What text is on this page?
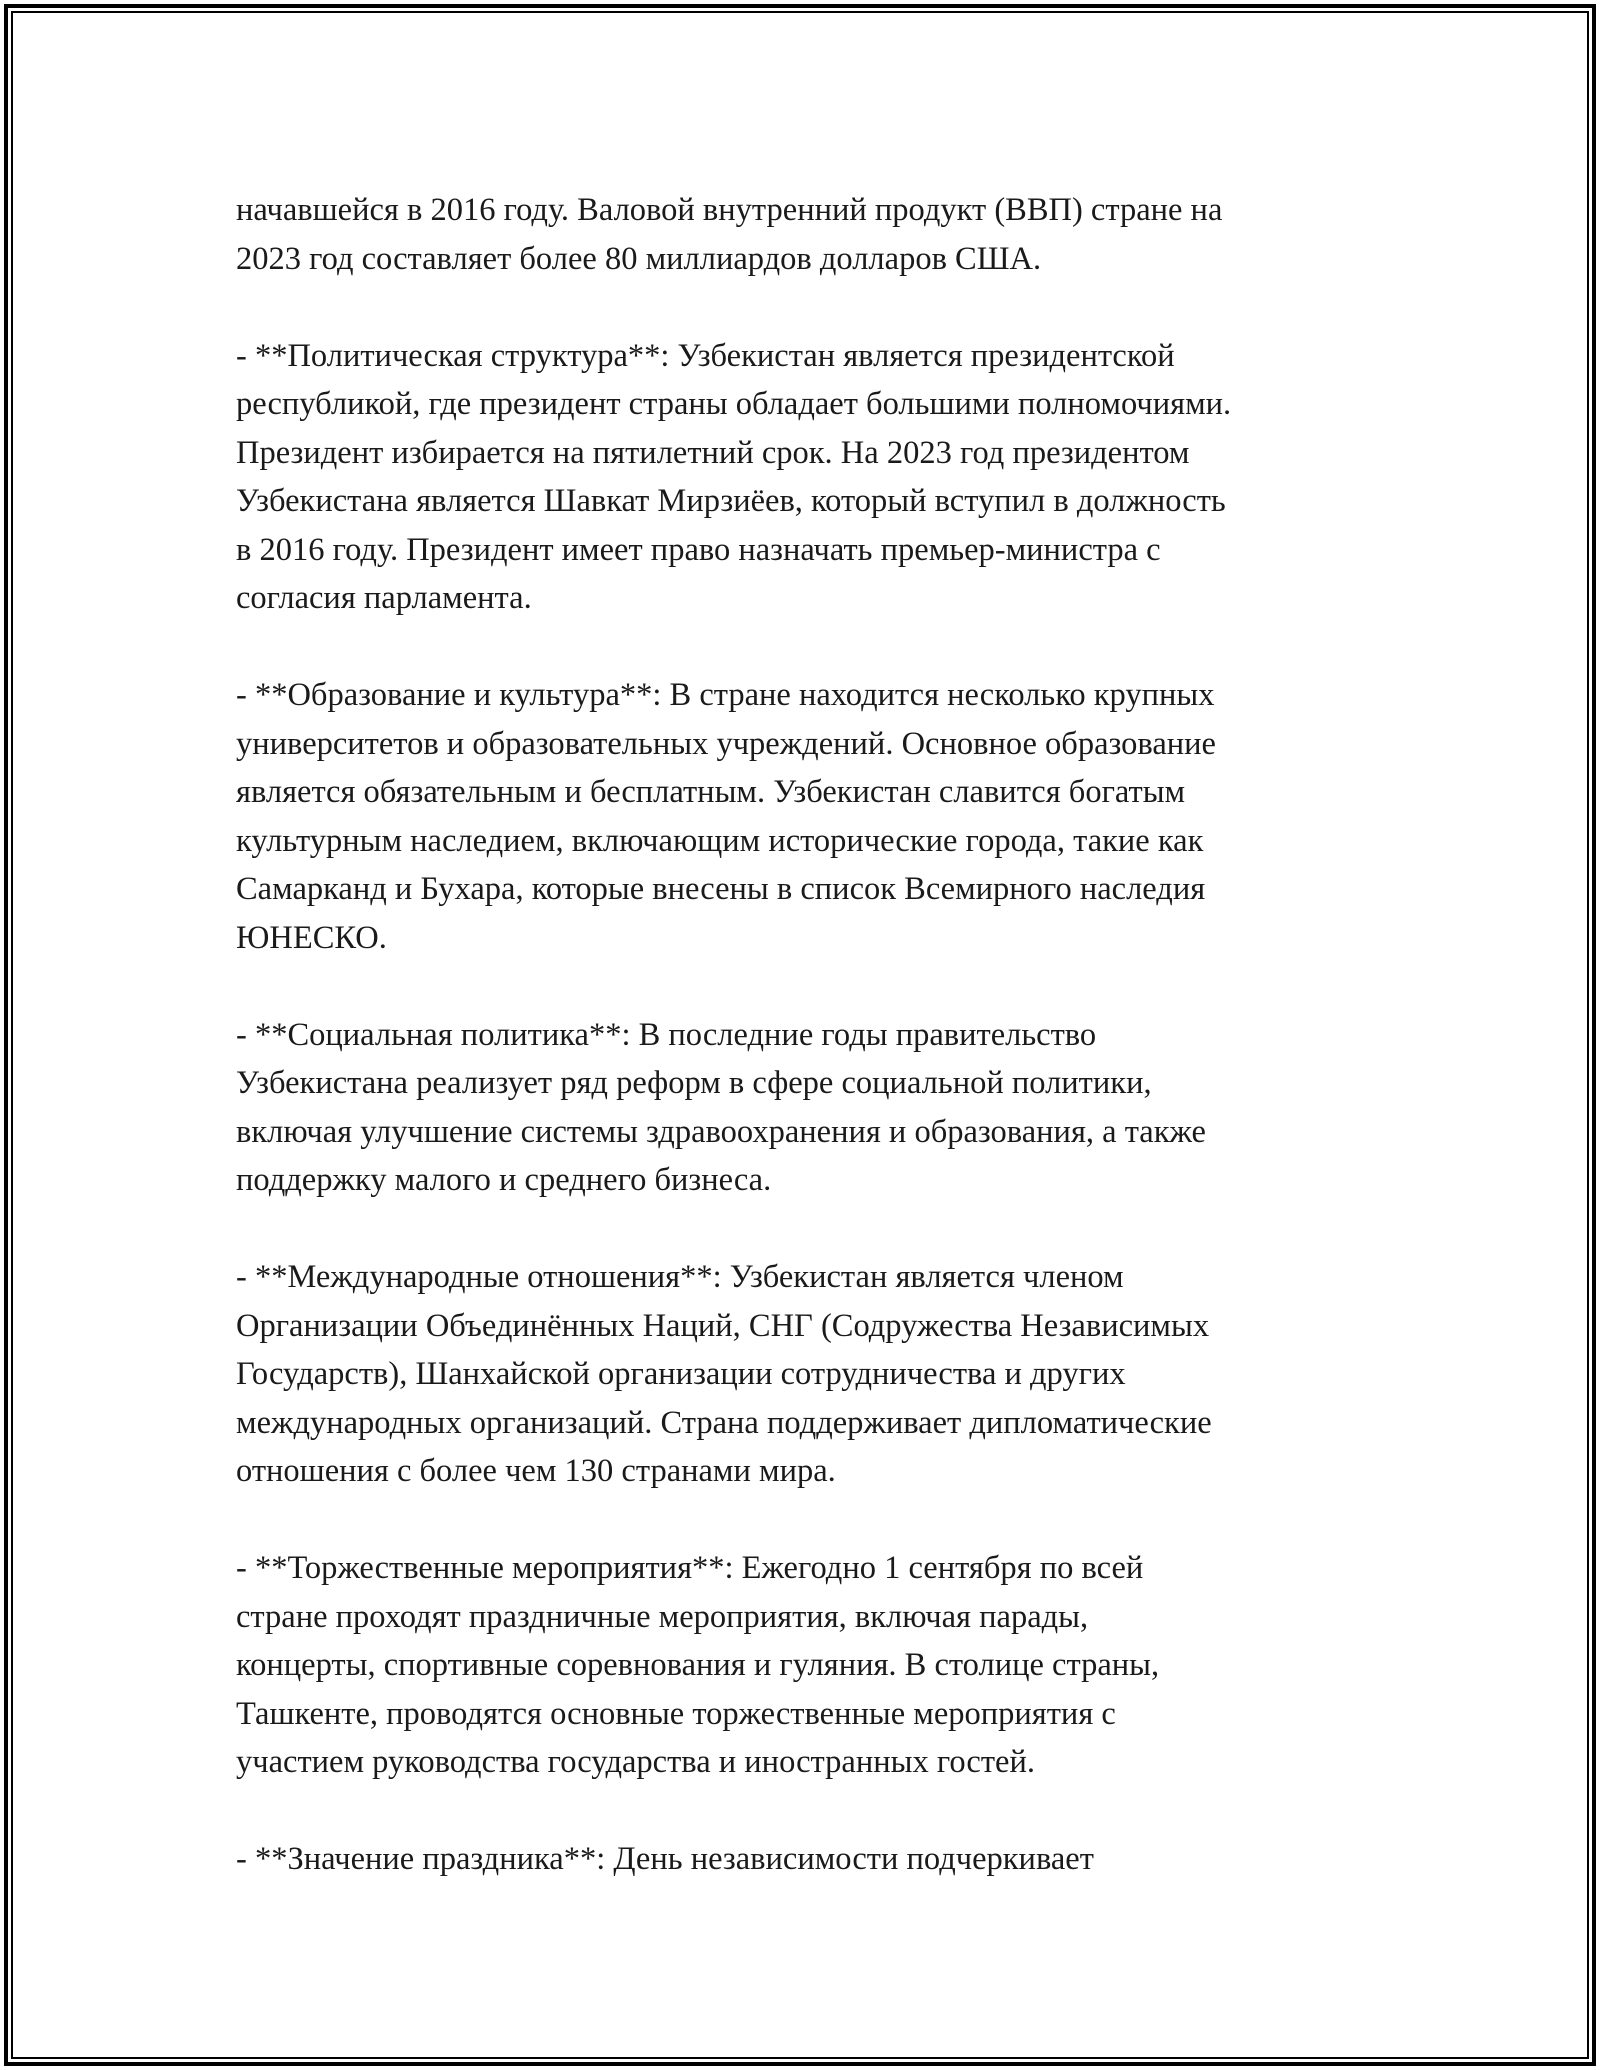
начавшейся в 2016 году. Валовой внутренний продукт (ВВП) стране на
2023 год составляет более 80 миллиардов долларов США.

- **Политическая структура**: Узбекистан является президентской
республикой, где президент страны обладает большими полномочиями.
Президент избирается на пятилетний срок. На 2023 год президентом
Узбекистана является Шавкат Мирзиёев, который вступил в должность
в 2016 году. Президент имеет право назначать премьер-министра с
согласия парламента.

- **Образование и культура**: В стране находится несколько крупных
университетов и образовательных учреждений. Основное образование
является обязательным и бесплатным. Узбекистан славится богатым
культурным наследием, включающим исторические города, такие как
Самарканд и Бухара, которые внесены в список Всемирного наследия
ЮНЕСКО.

- **Социальная политика**: В последние годы правительство
Узбекистана реализует ряд реформ в сфере социальной политики,
включая улучшение системы здравоохранения и образования, а также
поддержку малого и среднего бизнеса.

- **Международные отношения**: Узбекистан является членом
Организации Объединённых Наций, СНГ (Содружества Независимых
Государств), Шанхайской организации сотрудничества и других
международных организаций. Страна поддерживает дипломатические
отношения с более чем 130 странами мира.

- **Торжественные мероприятия**: Ежегодно 1 сентября по всей
стране проходят праздничные мероприятия, включая парады,
концерты, спортивные соревнования и гуляния. В столице страны,
Ташкенте, проводятся основные торжественные мероприятия с
участием руководства государства и иностранных гостей.

- **Значение праздника**: День независимости подчеркивает
